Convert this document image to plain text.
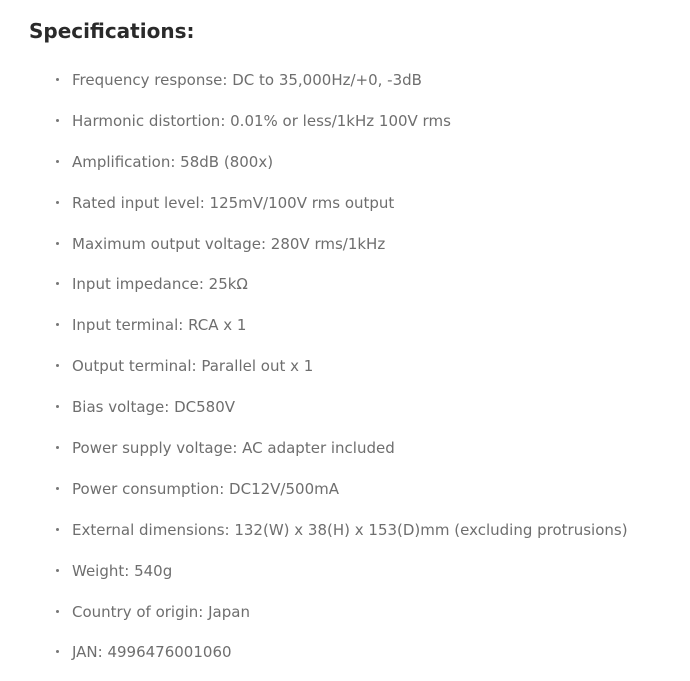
Specifications:
Frequency response: DC to 35,000Hz/+0, -3dB
Harmonic distortion: 0.01% or less/1kHz 100V rms
Amplification: 58dB (800x)
Rated input level: 125mV/100V rms output
Maximum output voltage: 280V rms/1kHz
Input impedance: 25kΩ
Input terminal: RCA x 1
Output terminal: Parallel out x 1
Bias voltage: DC580V
Power supply voltage: AC adapter included
Power consumption: DC12V/500mA
External dimensions: 132(W) x 38(H) x 153(D)mm (excluding protrusions)
Weight: 540g
Country of origin: Japan
JAN: 4996476001060
